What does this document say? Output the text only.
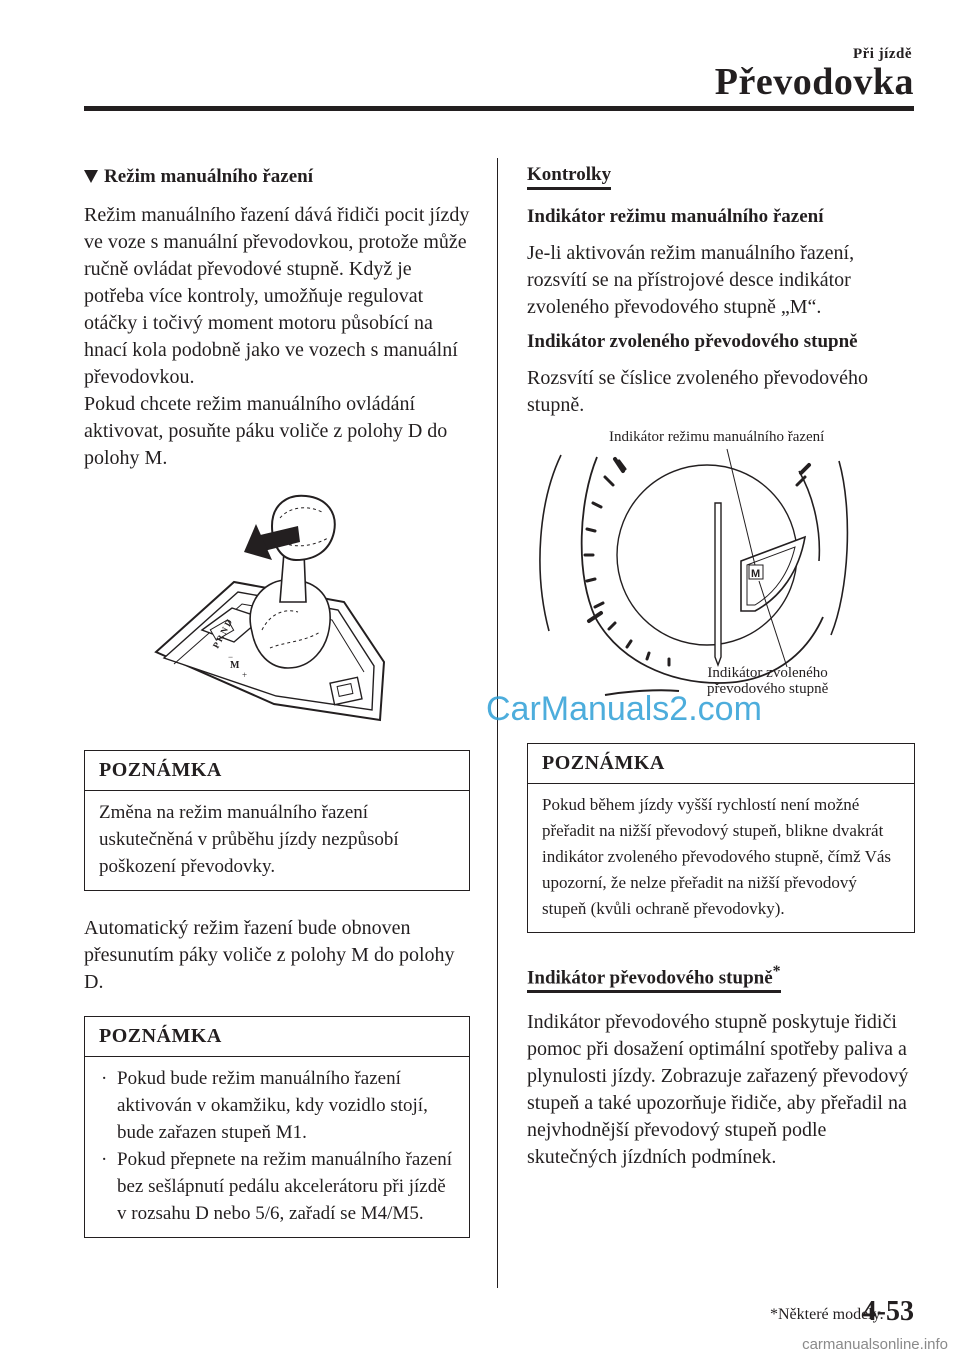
Při jízdě
Převodovka
Režim manuálního řazení

Režim manuálního řazení dává řidiči pocit jízdy ve voze s manuální převodovkou, protože může ručně ovládat převodové stupně. Když je potřeba více kontroly, umožňuje regulovat otáčky i točivý moment motoru působící na hnací kola podobně jako ve vozech s manuální převodovkou.

Pokud chcete režim manuálního ovládání aktivovat, posuňte páku voliče z polohy D do polohy M.

P R N D
M
−
+
POZNÁMKA
Změna na režim manuálního řazení uskutečněná v průběhu jízdy nezpůsobí poškození převodovky.

Automatický režim řazení bude obnoven přesunutím páky voliče z polohy M do polohy D.

POZNÁMKA
· Pokud bude režim manuálního řazení aktivován v okamžiku, kdy vozidlo stojí, bude zařazen stupeň M1.
· Pokud přepnete na režim manuálního řazení bez sešlápnutí pedálu akcelerátoru při jízdě v rozsahu D nebo 5/6, zařadí se M4/M5.
Kontrolky
Indikátor režimu manuálního řazení

Je-li aktivován režim manuálního řazení, rozsvítí se na přístrojové desce indikátor zvoleného převodového stupně „M“.

Indikátor zvoleného převodového stupně

Rozsvítí se číslice zvoleného převodového stupně.

M
Indikátor režimu manuálního řazení
Indikátor zvoleného
převodového stupně
POZNÁMKA
Pokud během jízdy vyšší rychlostí není možné přeřadit na nižší převodový stupeň, blikne dvakrát indikátor zvoleného převodového stupně, čímž Vás upozorní, že nelze přeřadit na nižší převodový stupeň (kvůli ochraně převodovky).
Indikátor převodového stupně*

Indikátor převodového stupně poskytuje řidiči pomoc při dosažení optimální spotřeby paliva a plynulosti jízdy. Zobrazuje zařazený převodový stupeň a také upozorňuje řidiče, aby přeřadil na nejvhodnější převodový stupeň podle skutečných jízdních podmínek.

CarManuals2.com
*Některé modely.
4-53
carmanualsonline.info
